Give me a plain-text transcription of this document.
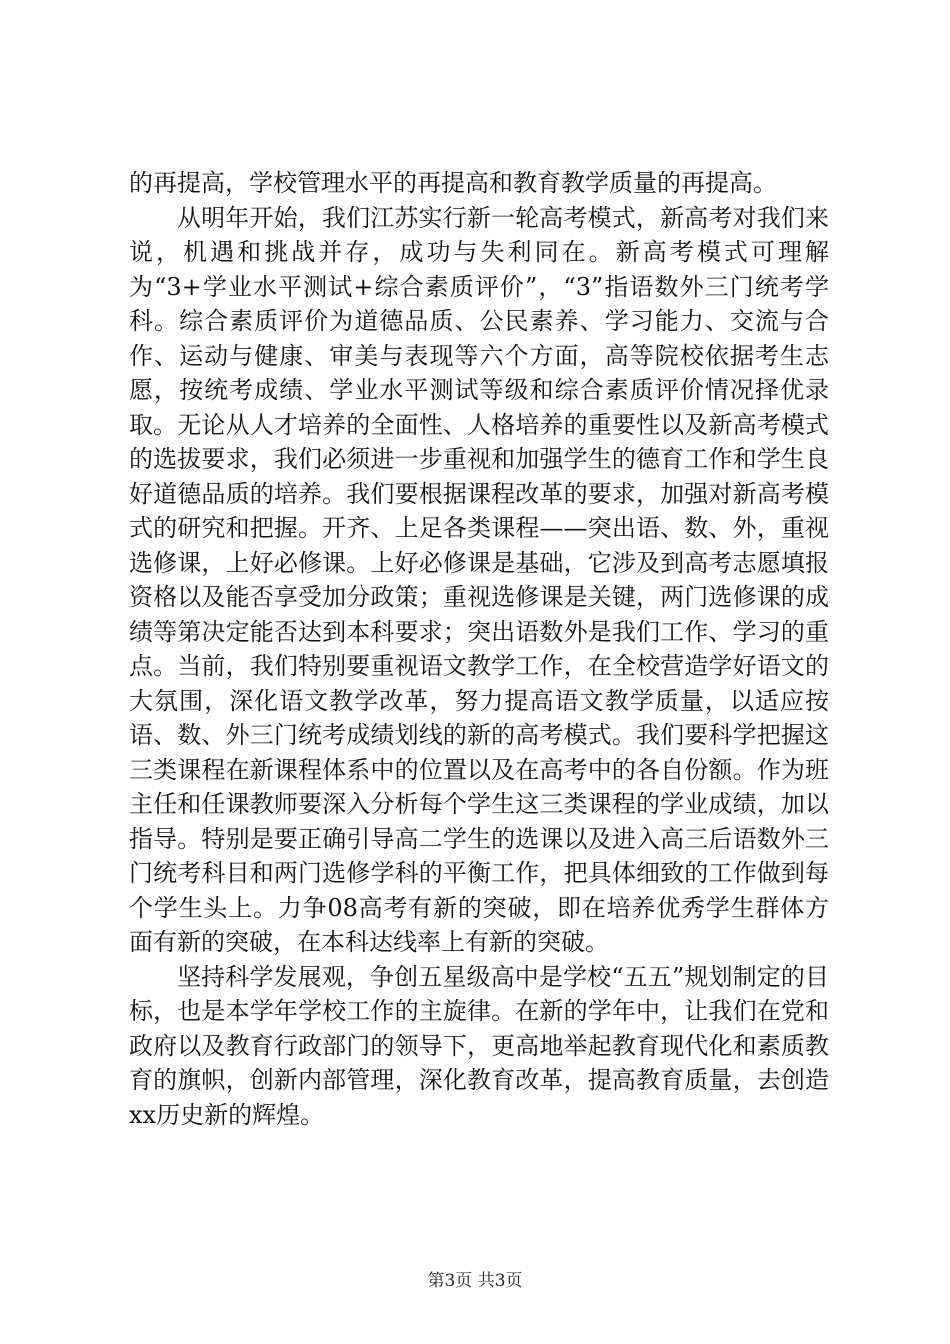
的再提高，学校管理水平的再提高和教育教学质量的再提高。

从明年开始，我们江苏实行新一轮高考模式，新高考对我们来说，机遇和挑战并存，成功与失利同在。新高考模式可理解为“3+学业水平测试+综合素质评价”，“3”指语数外三门统考学科。综合素质评价为道德品质、公民素养、学习能力、交流与合作、运动与健康、审美与表现等六个方面，高等院校依据考生志愿，按统考成绩、学业水平测试等级和综合素质评价情况择优录取。无论从人才培养的全面性、人格培养的重要性以及新高考模式的选拔要求，我们必须进一步重视和加强学生的德育工作和学生良好道德品质的培养。我们要根据课程改革的要求，加强对新高考模式的研究和把握。开齐、上足各类课程——突出语、数、外，重视选修课，上好必修课。上好必修课是基础，它涉及到高考志愿填报资格以及能否享受加分政策；重视选修课是关键，两门选修课的成绩等第决定能否达到本科要求；突出语数外是我们工作、学习的重点。当前，我们特别要重视语文教学工作，在全校营造学好语文的大氛围，深化语文教学改革，努力提高语文教学质量，以适应按语、数、外三门统考成绩划线的新的高考模式。我们要科学把握这三类课程在新课程体系中的位置以及在高考中的各自份额。作为班主任和任课教师要深入分析每个学生这三类课程的学业成绩，加以指导。特别是要正确引导高二学生的选课以及进入高三后语数外三门统考科目和两门选修学科的平衡工作，把具体细致的工作做到每个学生头上。力争08高考有新的突破，即在培养优秀学生群体方面有新的突破，在本科达线率上有新的突破。

坚持科学发展观，争创五星级高中是学校“五五”规划制定的目标，也是本学年学校工作的主旋律。在新的学年中，让我们在党和政府以及教育行政部门的领导下，更高地举起教育现代化和素质教育的旗帜，创新内部管理，深化教育改革，提高教育质量，去创造xx历史新的辉煌。

第3页 共3页
